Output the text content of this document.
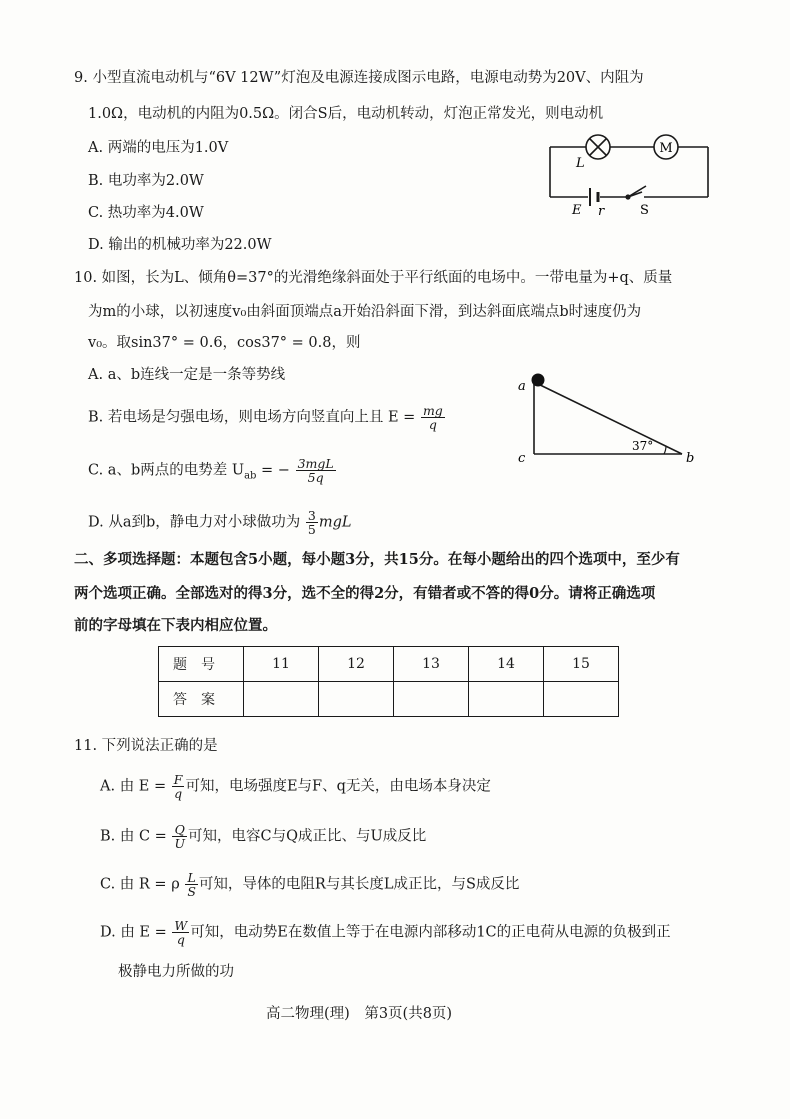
9. 小型直流电动机与“6V 12W”灯泡及电源连接成图示电路，电源电动势为20V、内阻为
1.0Ω，电动机的内阻为0.5Ω。闭合S后，电动机转动，灯泡正常发光，则电动机
A. 两端的电压为1.0V
B. 电功率为2.0W
C. 热功率为4.0W
D. 输出的机械功率为22.0W
M
L
E r	S
10. 如图，长为L、倾角θ=37°的光滑绝缘斜面处于平行纸面的电场中。一带电量为+q、质量
为m的小球，以初速度v₀由斜面顶端点a开始沿斜面下滑，到达斜面底端点b时速度仍为
v₀。取sin37° = 0.6，cos37° = 0.8，则
A. a、b连线一定是一条等势线
B. 若电场是匀强电场，则电场方向竖直向上且 $E = \frac{mg}{q}$
C. a、b两点的电势差 $U_{ab}$ = − $\frac{\text{3mgL}}{5q}$
D. 从a到b，静电力对小球做功为 $\frac{3}{5}$ mgL
a
c	b
37°
二、多项选择题：本题包含5小题，每小题3分，共15分。在每小题给出的四个选项中，至少有
两个选项正确。全部选对的得3分，选不全的得2分，有错者或不答的得0分。请将正确选项
前的字母填在下表内相应位置。
题号	11	12	13	14	15
答案					
11. 下列说法正确的是
A. 由 $E = \frac{F}{q}$ 可知，电场强度E与F、q无关，由电场本身决定
B. 由 $C = \frac{Q}{U}$ 可知，电容C与Q成正比、与U成反比
C. 由 R = ρ $\frac{L}{S}$ 可知，导体的电阻R与其长度L成正比，与S成反比
D. 由 $E = \frac{W}{q}$ 可知，电动势E在数值上等于在电源内部移动1C的正电荷从电源的负极到正
极静电力所做的功
高二物理(理)　第3页(共8页)
